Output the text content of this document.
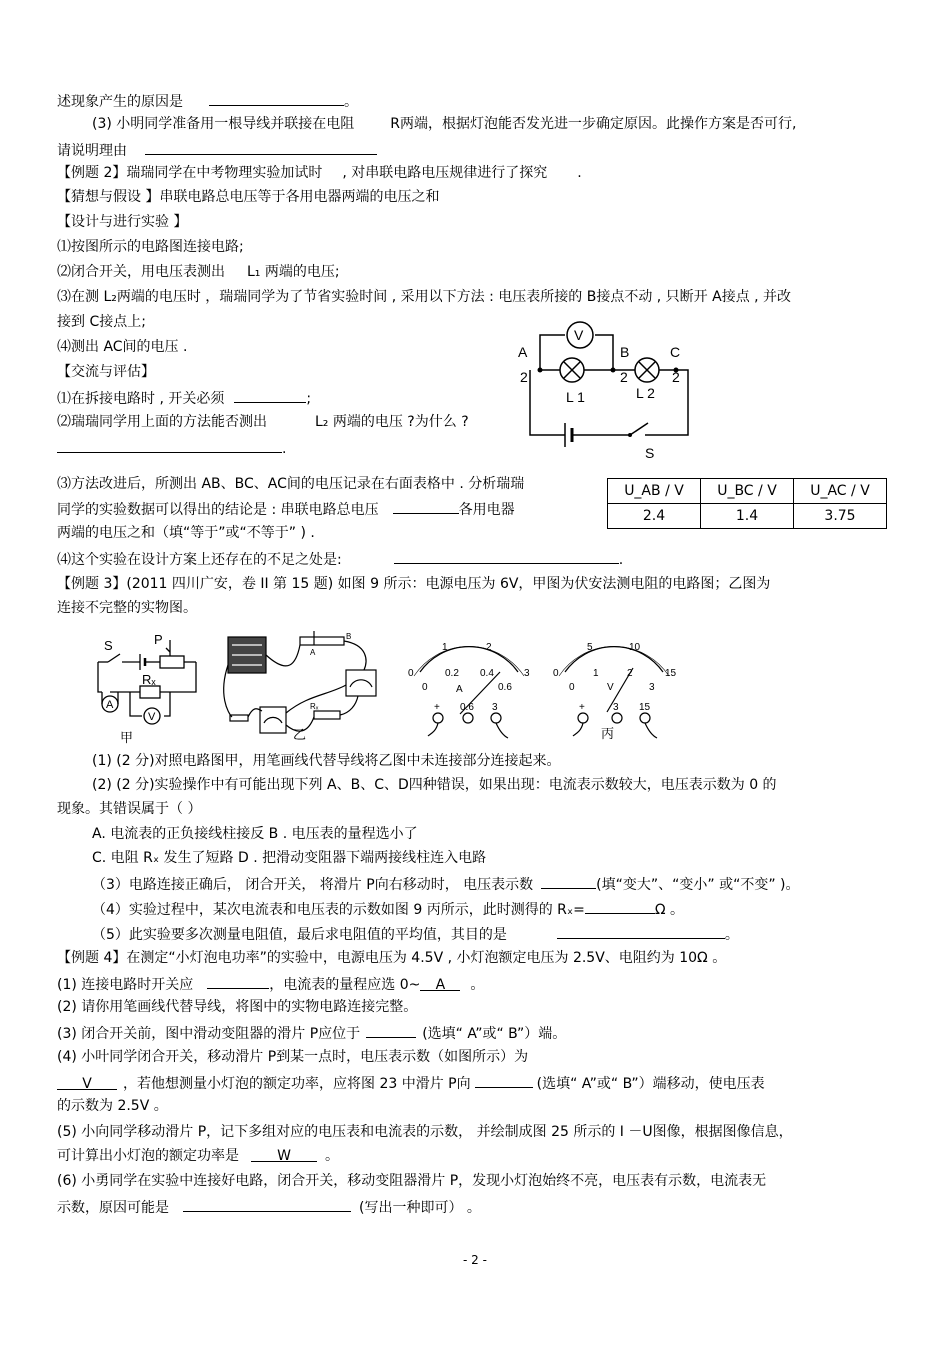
述现象产生的原因是	。
(3) 小明同学准备用一根导线并联接在电阻	R两端，根据灯泡能否发光进一步确定原因。此操作方案是否可行,
请说明理由
【例题 2】瑞瑞同学在中考物理实验加试时 , 对串联电路电压规律进行了探究 .
【猜想与假设 】串联电路总电压等于各用电器两端的电压之和
【设计与进行实验 】
⑴按图所示的电路图连接电路;
⑵闭合开关，用电压表测出 L₁ 两端的电压;
⑶在测 L₂两端的电压时 ，瑞瑞同学为了节省实验时间 , 采用以下方法 : 电压表所接的 B接点不动 , 只断开 A接点 , 并改
接到 C接点上;
⑷测出 AC间的电压 .
【交流与评估】
⑴在拆接电路时 , 开关必须	;
⑵瑞瑞同学用上面的方法能否测出	L₂ 两端的电压 ?为什么 ?
.
⑶方法改进后，所测出 AB、BC、AC间的电压记录在右面表格中 . 分析瑞瑞
同学的实验数据可以得出的结论是 : 串联电路总电压	各用电器
两端的电压之和（填“等于”或“不等于” ) .
⑷这个实验在设计方案上还存在的不足之处是:	.
【例题 3】(2011 四川广安，卷 II 第 15 题) 如图 9 所示：电源电压为 6V，甲图为伏安法测电阻的电路图；乙图为
连接不完整的实物图。
(1) (2 分)对照电路图甲，用笔画线代替导线将乙图中未连接部分连接起来。
(2) (2 分)实验操作中有可能出现下列 A、B、C、D四种错误，如果出现：电流表示数较大，电压表示数为 0 的
现象。其错误属于（ ）
A. 电流表的正负接线柱接反 B . 电压表的量程选小了
C. 电阻 Rₓ 发生了短路 D . 把滑动变阻器下端两接线柱连入电路
（3）电路连接正确后， 闭合开关， 将滑片 P向右移动时， 电压表示数	(填“变大”、“变小” 或“不变” )。
（4）实验过程中，某次电流表和电压表的示数如图 9 丙所示，此时测得的 Rₓ=	Ω 。
（5）此实验要多次测量电阻值，最后求电阻值的平均值，其目的是	。
【例题 4】在测定“小灯泡电功率”的实验中，电源电压为 4.5V , 小灯泡额定电压为 2.5V、电阻约为 10Ω 。
(1) 连接电路时开关应	，电流表的量程应选 0~ A 。
(2) 请你用笔画线代替导线，将图中的实物电路连接完整。
(3) 闭合开关前，图中滑动变阻器的滑片 P应位于	(选填“ A”或“ B”）端。
(4) 小叶同学闭合开关，移动滑片 P到某一点时，电压表示数（如图所示）为
V ，若他想测量小灯泡的额定功率，应将图 23 中滑片 P向	(选填“ A”或“ B”）端移动，使电压表
的示数为 2.5V 。
(5) 小向同学移动滑片 P，记下多组对应的电压表和电流表的示数， 并绘制成图 25 所示的 I －U图像，根据图像信息，
可计算出小灯泡的额定功率是	W 。
(6) 小勇同学在实验中连接好电路，闭合开关，移动变阻器滑片 P，发现小灯泡始终不亮，电压表有示数，电流表无
示数，原因可能是	(写出一种即可） 。
V
A	B	C
2	2	2
L 1	L 2
S
U_AB / V	U_BC / V	U_AC / V
2.4	1.4	3.75
S	P
Rₓ
A
V
甲
B
A
Rₓ
乙
1	2
0.2 0.4
0	3
0	0.6
A
+ 0.6 3
5	10
1	2
0	15
0	3
V
+	3 15
丙
- 2 -
